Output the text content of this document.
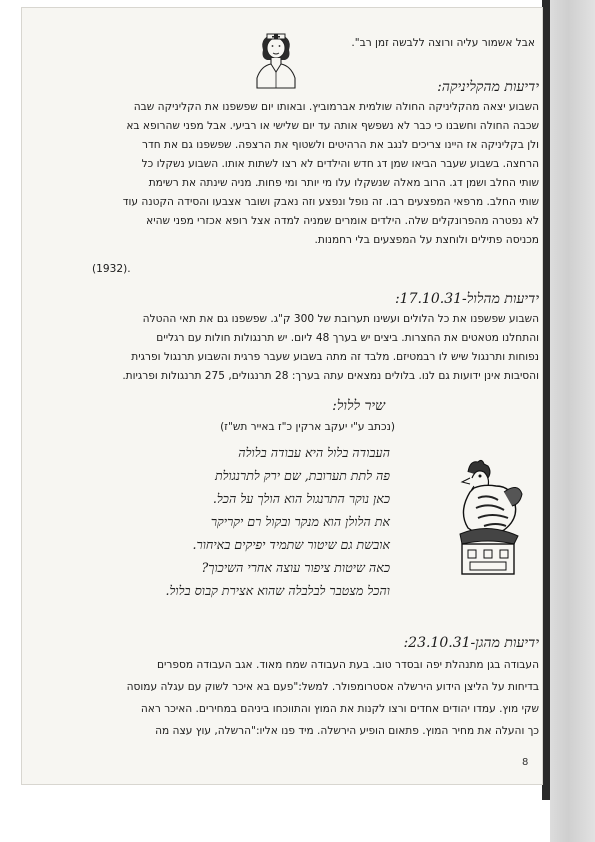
אבל אשמור עליה ורוצה ללבשה זמן רב".
ידיעות מהקליניקה:
השבוע יצאה מהקליניקה החולה שולמית אברמוביץ. ובאותו יום שפשפנו את הקליניקה שבה
שכבה החולה וחשבנו כי כבר לא נשפשף אותה עד יום שלישי או רביעי. אבל מפני שהרופא בא
ולן בקליניקה אז היינו צריכים לנגב את הרהיטים ולשטוף את הרצפה. שפשפנו גם את חדר
הרחצה. בשבוע שעבר הביאו שמן דג חדש והילדים לא רצו לשתות אותו. השבוע נשקלו כל
שותי החלב ושמן דג. הרוב מאלה שנשקלו עלו מי יותר ומי פחות. מניה שינתה את רשימת
שותי החלב. מרפאי המפצעים רבו. זה נופל ונפצע וזה נאבק ושובר אצבעו והסידה הקטנה עוד
לא נפטרה מהפרונקלים שלה. הילדים אומרים שמניה למדה אצל רופא אכזרי מפני שהיא
מכניסה פתילים ולוחצת על המפצעים בלי רחמנות.
(1932).
ידיעות מהלול-17.10.31:
השבוע שפשפנו את כל הלולים ועשינו תערובת של 300 ק"ג. שפשפנו גם את תאי ההטלה
והתחלנו מטאטים את החצרות. ביצים יש בערך 48 ליום. יש תרנגולות חולות עם רגליים
נפוחות ותרנגול שיש לו רבמטיזם. מלבד זה מתה בשבוע שעבר פרגית והשבוע תרנגול ופרגית
והסיבות אינן ידועות גם לנו. בלולים נמצאים עתה בערך: 28 תרנגולים, 275 תרנגולות ופרגיות.
שיר ללול:
(נכתב ע"י יעקב ארקין כ"ז באייר תש"ז)
העבודה בלול היא עבודה בלולה
פה לתת תערובת, שם ירק לתרנגולת
כאן נוקר התרנגול הוא הולך על הכל.
את הלולן הוא מנקר ובקול רם יקריקר
אובשת גם שיטור שתמיד יפיקים באיחור.
כאה שיטות ציפור עוצה אחרי השיכוך?
והכל מצטבר לבלבלה שהוא אצירת קבוס בלול.
ידיעות מהגן-23.10.31:
העבודה בגן מתנהלת יפה ובסדר טוב. בעת העבודה שמח מאוד. אגב העבודה מספרים
בדיחות על הליצן הידוע הירשלה אסטרומפולר. למשל:"פעם בא איכר לשוק עם עגלה עמוסה
שקי מוץ. עמדו יהודים אחדים ורצו לקנות את המוץ והתווכחו ביניהם במחירים. האיכר ראה
כך והעלה את מחיר המוץ. פתאום הופיע הירשלה. מיד פנו אליו:"הרשלה, עוץ עצה מה
8
